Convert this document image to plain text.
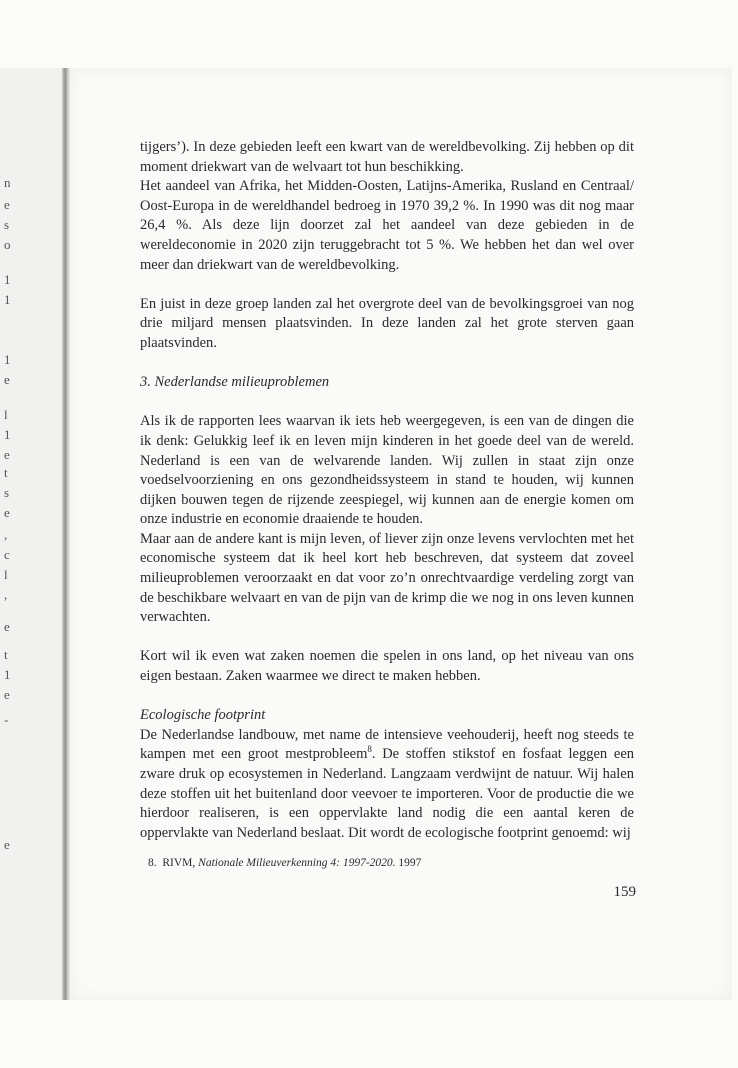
n
e
s
o
1
1
1
e
l
1
e
t
s
e
,
c
l
,
e
t
1
e
-
e

tijgers’). In deze gebieden leeft een kwart van de wereldbevolking. Zij hebben op dit moment driekwart van de welvaart tot hun beschikking.

Het aandeel van Afrika, het Midden-Oosten, Latijns-Amerika, Rusland en Centraal/ Oost-Europa in de wereldhandel bedroeg in 1970 39,2 %. In 1990 was dit nog maar 26,4 %. Als deze lijn doorzet zal het aandeel van deze gebieden in de wereldeconomie in 2020 zijn teruggebracht tot 5 %. We hebben het dan wel over meer dan driekwart van de wereldbevolking.

En juist in deze groep landen zal het overgrote deel van de bevolkingsgroei van nog drie miljard mensen plaatsvinden. In deze landen zal het grote sterven gaan plaatsvinden.

3. Nederlandse milieuproblemen

Als ik de rapporten lees waarvan ik iets heb weergegeven, is een van de dingen die ik denk: Gelukkig leef ik en leven mijn kinderen in het goede deel van de wereld. Nederland is een van de welvarende landen. Wij zullen in staat zijn onze voedselvoorziening en ons gezondheidssysteem in stand te houden, wij kunnen dijken bouwen tegen de rijzende zeespiegel, wij kunnen aan de energie komen om onze industrie en economie draaiende te houden.

Maar aan de andere kant is mijn leven, of liever zijn onze levens vervlochten met het economische systeem dat ik heel kort heb beschreven, dat systeem dat zoveel milieuproblemen veroorzaakt en dat voor zo’n onrechtvaardige verdeling zorgt van de beschikbare welvaart en van de pijn van de krimp die we nog in ons leven kunnen verwachten.

Kort wil ik even wat zaken noemen die spelen in ons land, op het niveau van ons eigen bestaan. Zaken waarmee we direct te maken hebben.

Ecologische footprint

De Nederlandse landbouw, met name de intensieve veehouderij, heeft nog steeds te kampen met een groot mestprobleem$^8$. De stoffen stikstof en fosfaat leggen een zware druk op ecosystemen in Nederland. Langzaam verdwijnt de natuur. Wij halen deze stoffen uit het buitenland door veevoer te importeren. Voor de productie die we hierdoor realiseren, is een oppervlakte land nodig die een aantal keren de oppervlakte van Nederland beslaat. Dit wordt de ecologische footprint genoemd: wij

8. RIVM, Nationale Milieuverkenning 4: 1997-2020. 1997
159
